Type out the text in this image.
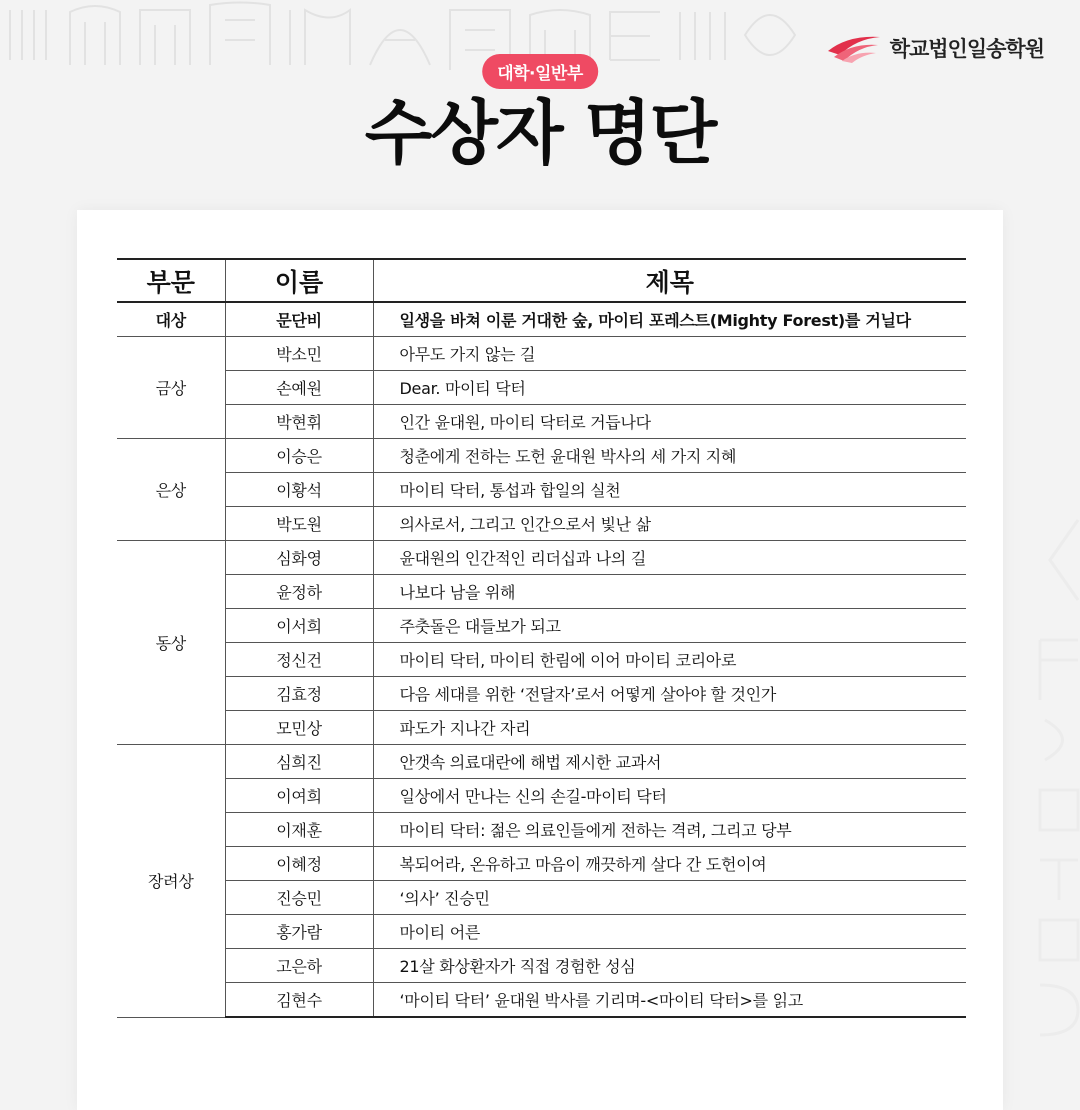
학교법인일송학원
대학·일반부
수상자 명단
부문	이름	제목
대상	문단비	일생을 바쳐 이룬 거대한 숲, 마이티 포레스트(Mighty Forest)를 거닐다
금상	박소민	아무도 가지 않는 길
	손예원	Dear. 마이티 닥터
	박현휘	인간 윤대원, 마이티 닥터로 거듭나다
은상	이승은	청춘에게 전하는 도헌 윤대원 박사의 세 가지 지혜
	이황석	마이티 닥터, 통섭과 합일의 실천
	박도원	의사로서, 그리고 인간으로서 빛난 삶
동상	심화영	윤대원의 인간적인 리더십과 나의 길
	윤정하	나보다 남을 위해
	이서희	주춧돌은 대들보가 되고
	정신건	마이티 닥터, 마이티 한림에 이어 마이티 코리아로
	김효정	다음 세대를 위한 ‘전달자’로서 어떻게 살아야 할 것인가
	모민상	파도가 지나간 자리
장려상	심희진	안갯속 의료대란에 해법 제시한 교과서
	이여희	일상에서 만나는 신의 손길-마이티 닥터
	이재훈	마이티 닥터: 젊은 의료인들에게 전하는 격려, 그리고 당부
	이혜정	복되어라, 온유하고 마음이 깨끗하게 살다 간 도헌이여
	진승민	‘의사’ 진승민
	홍가람	마이티 어른
	고은하	21살 화상환자가 직접 경험한 성심
	김현수	‘마이티 닥터’ 윤대원 박사를 기리며-<마이티 닥터>를 읽고
